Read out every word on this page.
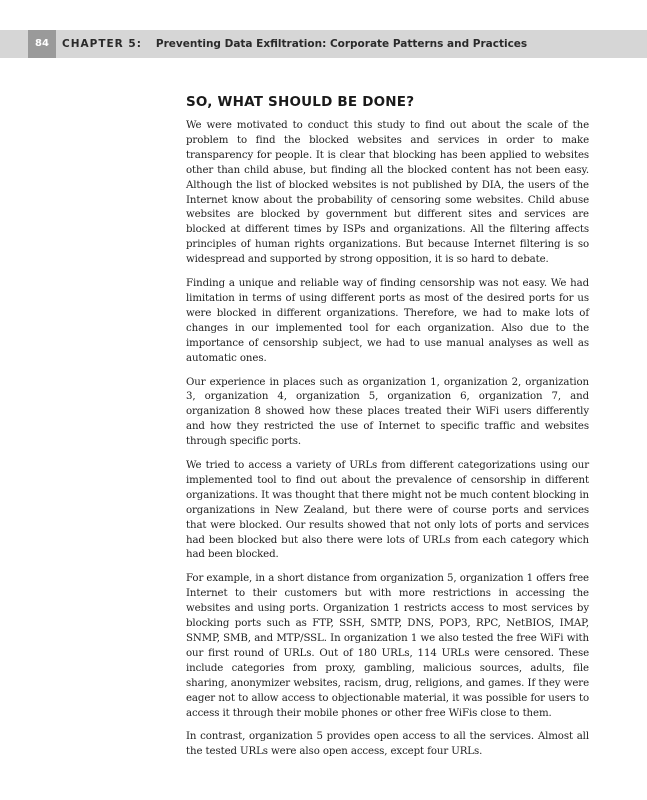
84	CHAPTER 5: Preventing Data Exfiltration: Corporate Patterns and Practices
SO, WHAT SHOULD BE DONE?

We were motivated to conduct this study to find out about the scale of the problem to find the blocked websites and services in order to make transparency for people. It is clear that blocking has been applied to websites other than child abuse, but finding all the blocked content has not been easy. Although the list of blocked websites is not published by DIA, the users of the Internet know about the probability of censoring some websites. Child abuse websites are blocked by government but different sites and services are blocked at different times by ISPs and organizations. All the filtering affects principles of human rights organizations. But because Internet filtering is so widespread and supported by strong opposition, it is so hard to debate.

Finding a unique and reliable way of finding censorship was not easy. We had limitation in terms of using different ports as most of the desired ports for us were blocked in different organizations. Therefore, we had to make lots of changes in our implemented tool for each organization. Also due to the importance of censorship subject, we had to use manual analyses as well as automatic ones.

Our experience in places such as organization 1, organization 2, organization 3, organization 4, organization 5, organization 6, organization 7, and organization 8 showed how these places treated their WiFi users differently and how they restricted the use of Internet to specific traffic and websites through specific ports.

We tried to access a variety of URLs from different categorizations using our implemented tool to find out about the prevalence of censorship in different organizations. It was thought that there might not be much content blocking in organizations in New Zealand, but there were of course ports and services that were blocked. Our results showed that not only lots of ports and services had been blocked but also there were lots of URLs from each category which had been blocked.

For example, in a short distance from organization 5, organization 1 offers free Internet to their customers but with more restrictions in accessing the websites and using ports. Organization 1 restricts access to most services by blocking ports such as FTP, SSH, SMTP, DNS, POP3, RPC, NetBIOS, IMAP, SNMP, SMB, and MTP/SSL. In organization 1 we also tested the free WiFi with our first round of URLs. Out of 180 URLs, 114 URLs were censored. These include categories from proxy, gambling, malicious sources, adults, file sharing, anonymizer websites, racism, drug, religions, and games. If they were eager not to allow access to objectionable material, it was possible for users to access it through their mobile phones or other free WiFis close to them.

In contrast, organization 5 provides open access to all the services. Almost all the tested URLs were also open access, except four URLs.
